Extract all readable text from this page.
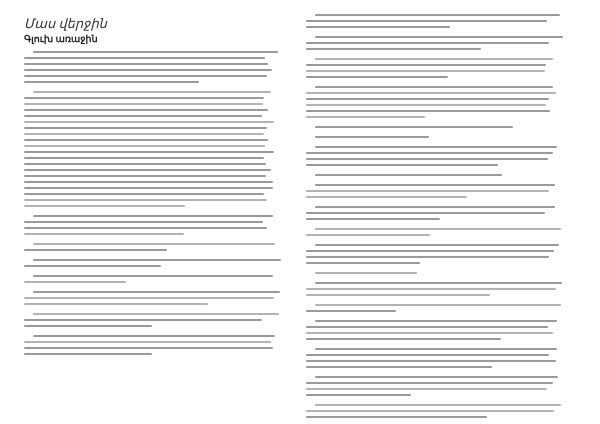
Մաս վերջին
Գլուխ առաջին
